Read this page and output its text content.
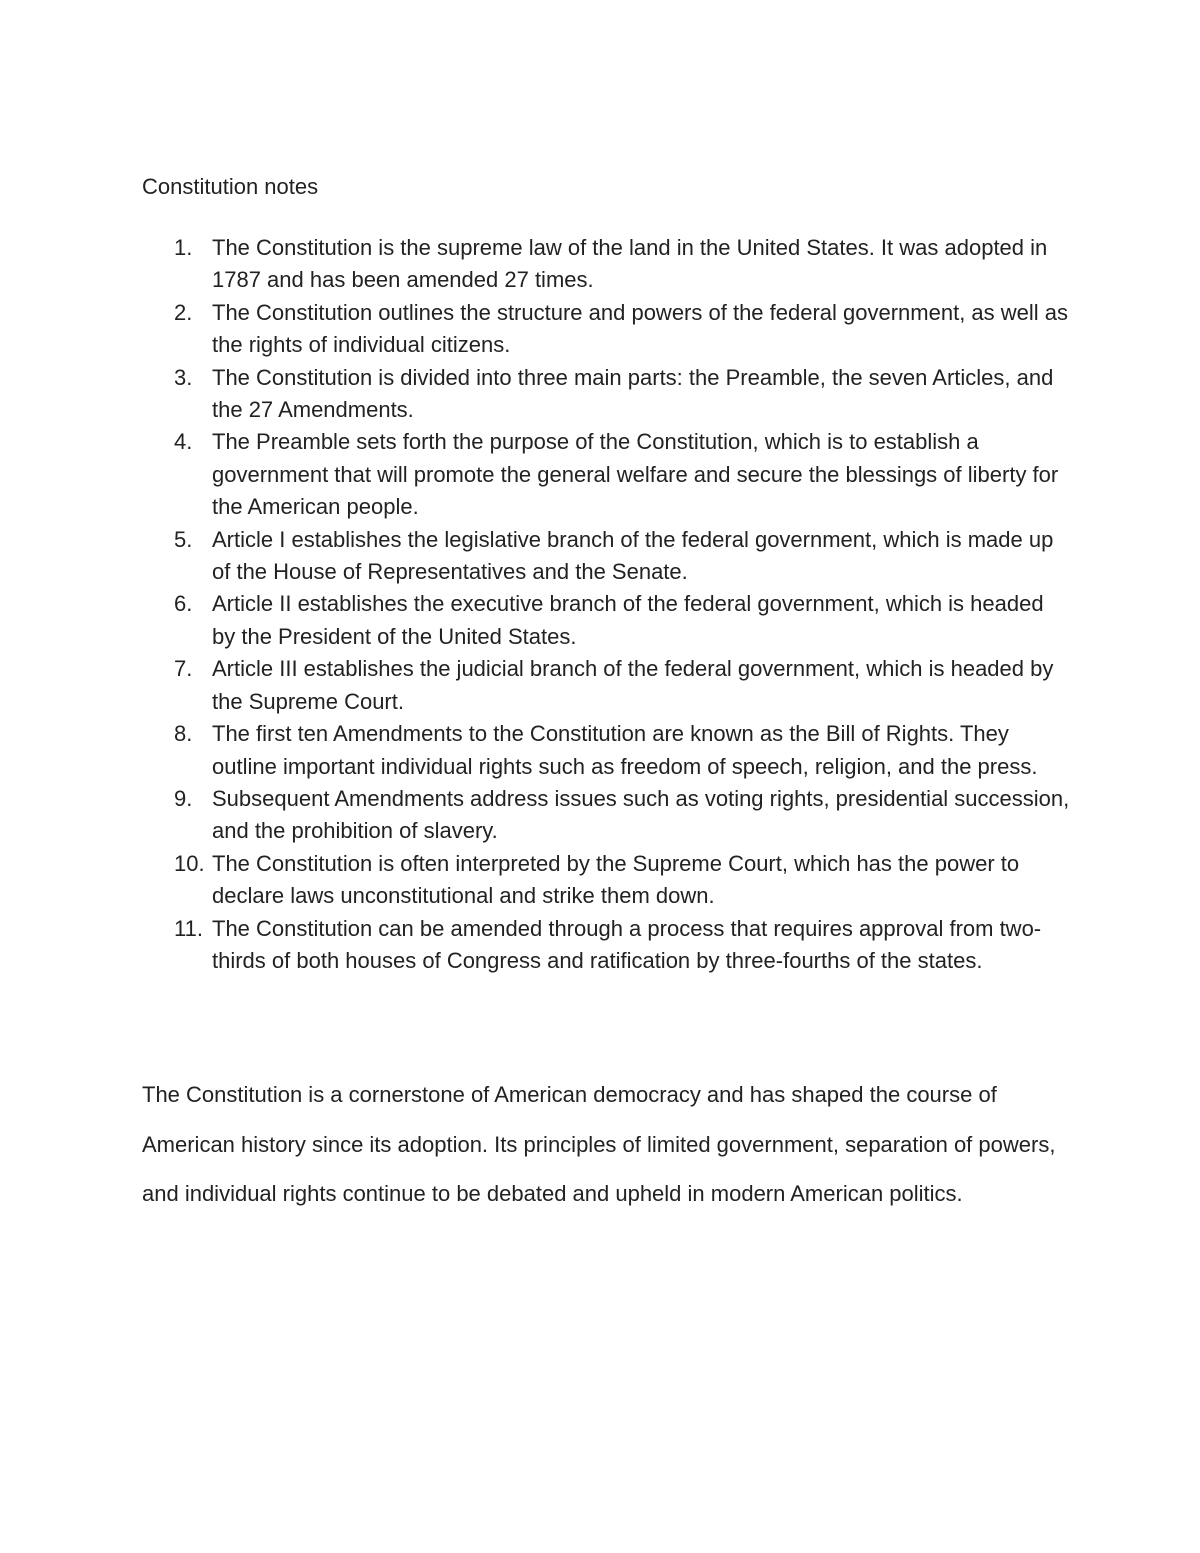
Constitution notes
1. The Constitution is the supreme law of the land in the United States. It was adopted in 1787 and has been amended 27 times.
2. The Constitution outlines the structure and powers of the federal government, as well as the rights of individual citizens.
3. The Constitution is divided into three main parts: the Preamble, the seven Articles, and the 27 Amendments.
4. The Preamble sets forth the purpose of the Constitution, which is to establish a government that will promote the general welfare and secure the blessings of liberty for the American people.
5. Article I establishes the legislative branch of the federal government, which is made up of the House of Representatives and the Senate.
6. Article II establishes the executive branch of the federal government, which is headed by the President of the United States.
7. Article III establishes the judicial branch of the federal government, which is headed by the Supreme Court.
8. The first ten Amendments to the Constitution are known as the Bill of Rights. They outline important individual rights such as freedom of speech, religion, and the press.
9. Subsequent Amendments address issues such as voting rights, presidential succession, and the prohibition of slavery.
10. The Constitution is often interpreted by the Supreme Court, which has the power to declare laws unconstitutional and strike them down.
11. The Constitution can be amended through a process that requires approval from two-thirds of both houses of Congress and ratification by three-fourths of the states.

The Constitution is a cornerstone of American democracy and has shaped the course of American history since its adoption. Its principles of limited government, separation of powers, and individual rights continue to be debated and upheld in modern American politics.
